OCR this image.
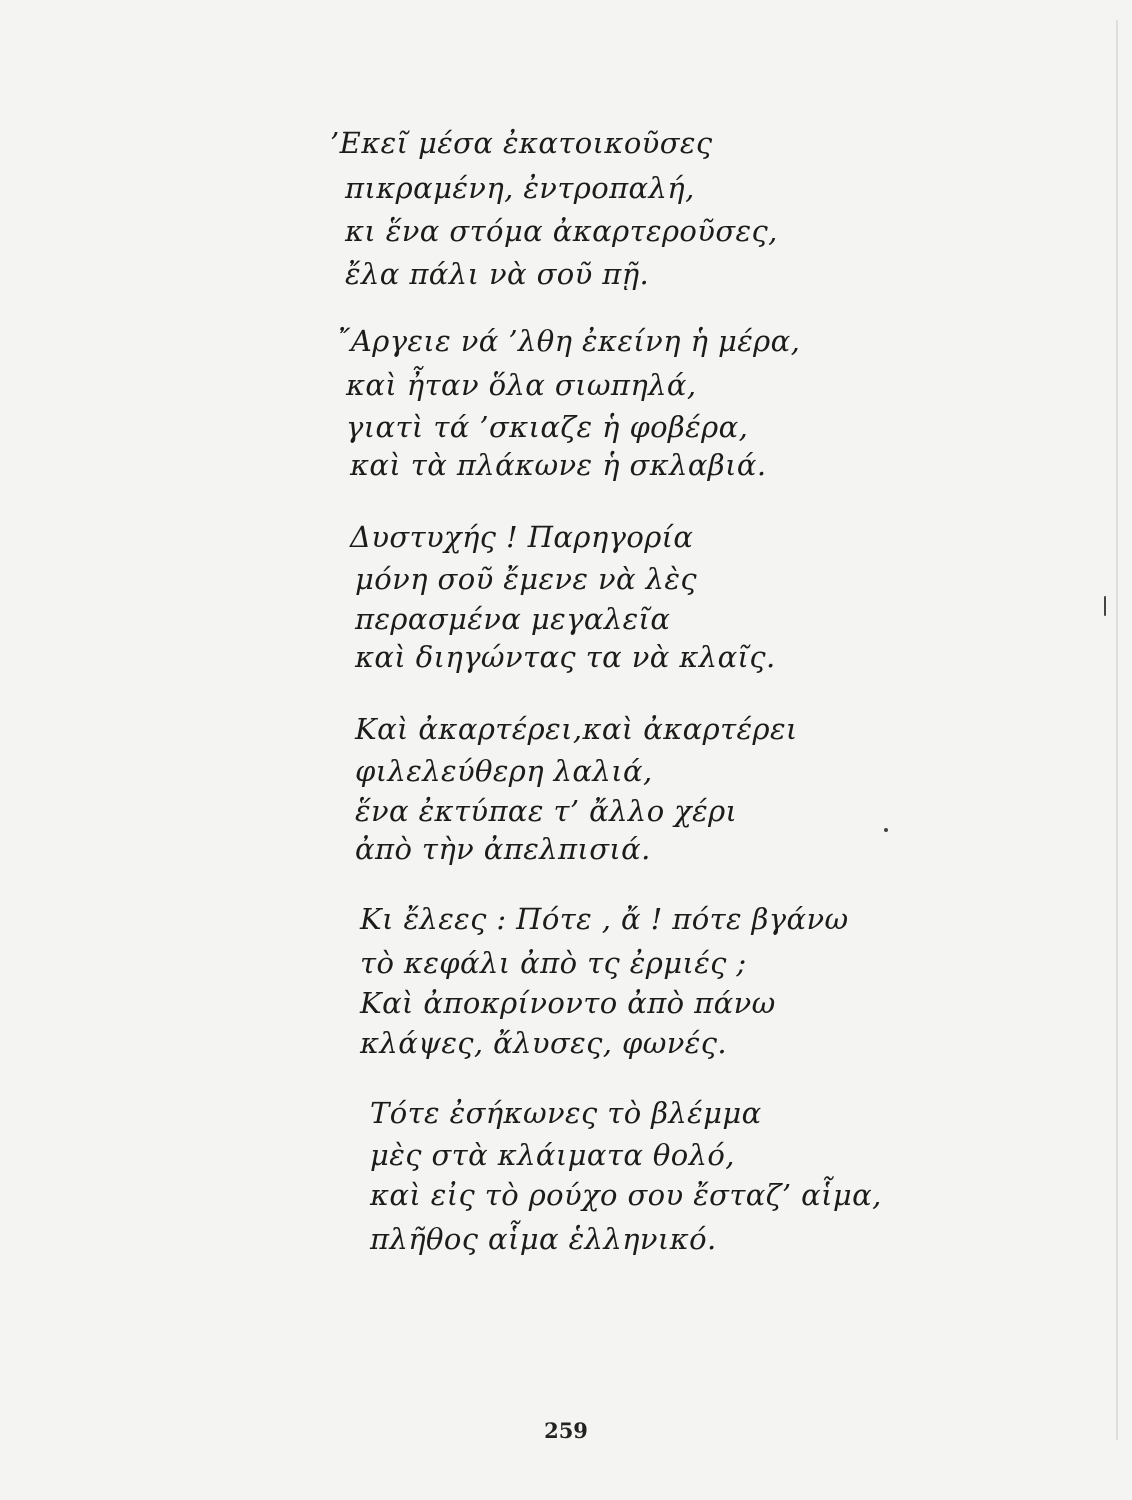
’Εκεῖ μέσα ἐκατοικοῦσες
πικραμένη, ἐντροπαλή,
κι ἕνα στόμα ἀκαρτεροῦσες,
ἔλα πάλι νὰ σοῦ πῇ.
῎Αργειε νά ’λθη ἐκείνη ἡ μέρα,
καὶ ἦταν ὅλα σιωπηλά,
γιατὶ τά ’σκιαζε ἡ φοβέρα,
καὶ τὰ πλάκωνε ἡ σκλαβιά.
Δυστυχής ! Παρηγορία
μόνη σοῦ ἔμενε νὰ λὲς
περασμένα μεγαλεῖα
καὶ διηγώντας τα νὰ κλαῖς.
Καὶ ἀκαρτέρει,καὶ ἀκαρτέρει
φιλελεύθερη λαλιά,
ἕνα ἐκτύπαε τ’ ἄλλο χέρι
ἀπὸ τὴν ἀπελπισιά.
Κι ἔλεες : Πότε , ἄ ! πότε βγάνω
τὸ κεφάλι ἀπὸ τς ἐρμιές ;
Καὶ ἀποκρίνοντο ἀπὸ πάνω
κλάψες, ἄλυσες, φωνές.
Τότε ἐσήκωνες τὸ βλέμμα
μὲς στὰ κλάιματα θολό,
καὶ εἰς τὸ ρούχο σου ἔσταζ’ αἷμα,
πλῆθος αἷμα ἑλληνικό.
259
